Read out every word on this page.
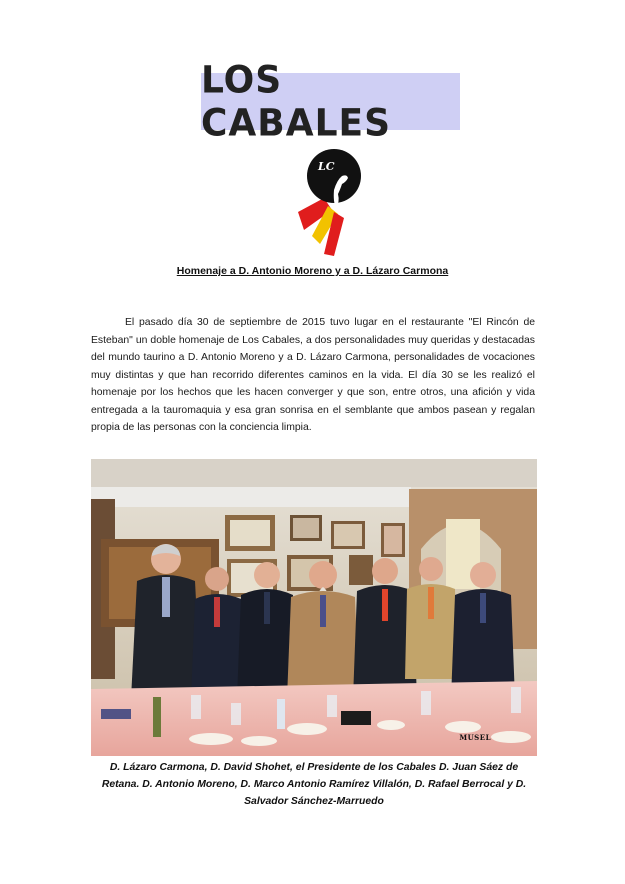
LOS CABALES
LC
Homenaje a D. Antonio Moreno y a D. Lázaro Carmona

El pasado día 30 de septiembre de 2015 tuvo lugar en el restaurante "El Rincón de Esteban" un doble homenaje de Los Cabales, a dos personalidades muy queridas y destacadas del mundo taurino a D. Antonio Moreno y a D. Lázaro Carmona, personalidades de vocaciones muy distintas y que han recorrido diferentes caminos en la vida. El día 30 se les realizó el homenaje por los hechos que les hacen converger y que son, entre otros, una afición y vida entregada a la tauromaquia y esa gran sonrisa en el semblante que ambos pasean y regalan propia de las personas con la conciencia limpia.

MUSEL

D. Lázaro Carmona, D. David Shohet, el Presidente de los Cabales D. Juan Sáez de Retana. D. Antonio Moreno, D. Marco Antonio Ramírez Villalón, D. Rafael Berrocal y D. Salvador Sánchez-Marruedo
